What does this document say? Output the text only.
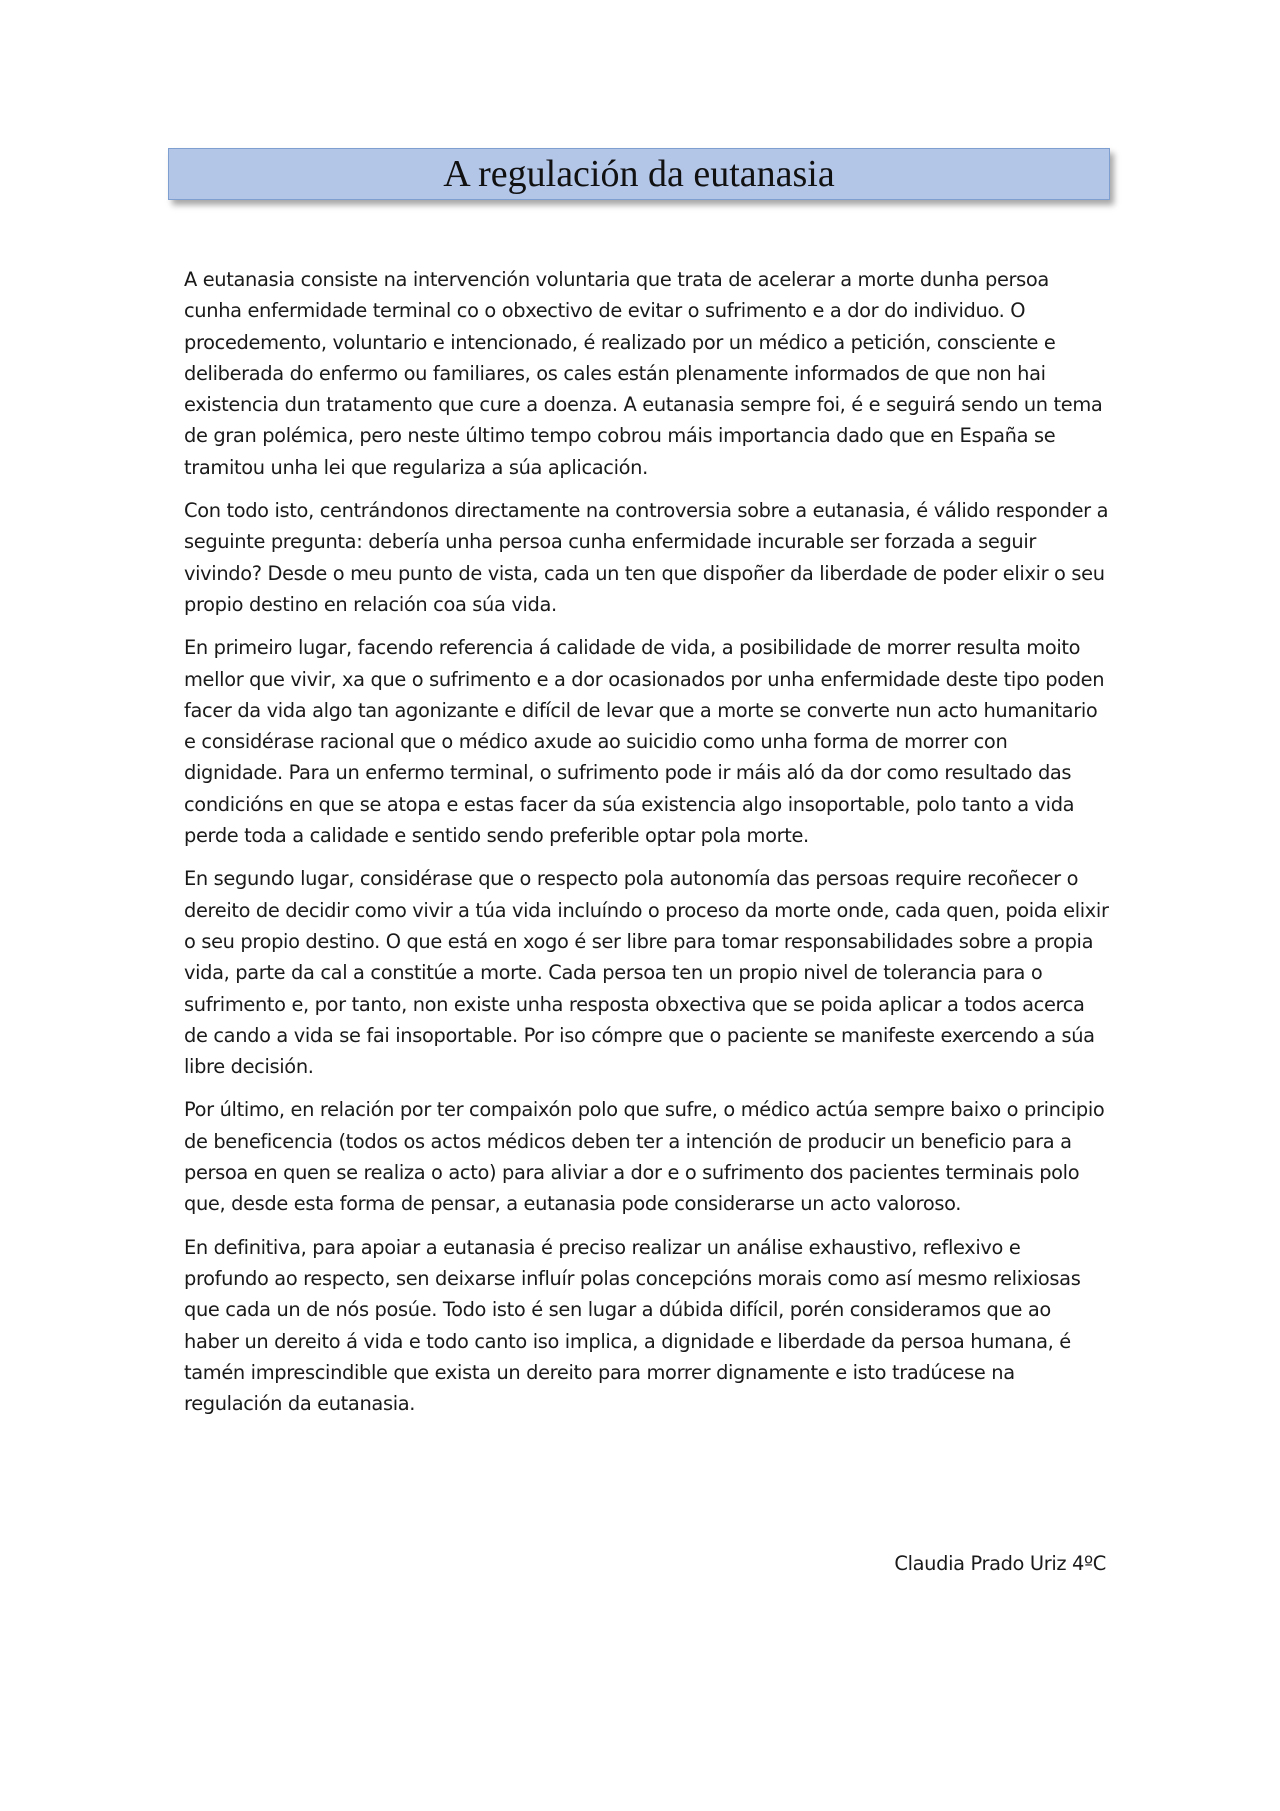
A regulación da eutanasia

A eutanasia consiste na intervención voluntaria que trata de acelerar a morte dunha persoa cunha enfermidade terminal co o obxectivo de evitar o sufrimento e a dor do individuo. O procedemento, voluntario e intencionado, é realizado por un médico a petición, consciente e deliberada do enfermo ou familiares, os cales están plenamente informados de que non hai existencia dun tratamento que cure a doenza. A eutanasia sempre foi, é e seguirá sendo un tema de gran polémica, pero neste último tempo cobrou máis importancia dado que en España se tramitou unha lei que regulariza a súa aplicación.

Con todo isto, centrándonos directamente na controversia sobre a eutanasia, é válido responder a seguinte pregunta: debería unha persoa cunha enfermidade incurable ser forzada a seguir vivindo? Desde o meu punto de vista, cada un ten que dispoñer da liberdade de poder elixir o seu propio destino en relación coa súa vida.

En primeiro lugar, facendo referencia á calidade de vida, a posibilidade de morrer resulta moito mellor que vivir, xa que o sufrimento e a dor ocasionados por unha enfermidade deste tipo poden facer da vida algo tan agonizante e difícil de levar que a morte se converte nun acto humanitario e considérase racional que o médico axude ao suicidio como unha forma de morrer con dignidade. Para un enfermo terminal, o sufrimento pode ir máis aló da dor como resultado das condicións en que se atopa e estas facer da súa existencia algo insoportable, polo tanto a vida perde toda a calidade e sentido sendo preferible optar pola morte.

En segundo lugar, considérase que o respecto pola autonomía das persoas require recoñecer o dereito de decidir como vivir a túa vida incluíndo o proceso da morte onde, cada quen, poida elixir o seu propio destino. O que está en xogo é ser libre para tomar responsabilidades sobre a propia vida, parte da cal a constitúe a morte. Cada persoa ten un propio nivel de tolerancia para o sufrimento e, por tanto, non existe unha resposta obxectiva que se poida aplicar a todos acerca de cando a vida se fai insoportable. Por iso cómpre que o paciente se manifeste exercendo a súa libre decisión.

Por último, en relación por ter compaixón polo que sufre, o médico actúa sempre baixo o principio de beneficencia (todos os actos médicos deben ter a intención de producir un beneficio para a persoa en quen se realiza o acto) para aliviar a dor e o sufrimento dos pacientes terminais polo que, desde esta forma de pensar, a eutanasia pode considerarse un acto valoroso.

En definitiva, para apoiar a eutanasia é preciso realizar un análise exhaustivo, reflexivo e profundo ao respecto, sen deixarse influír polas concepcións morais como así mesmo relixiosas que cada un de nós posúe. Todo isto é sen lugar a dúbida difícil, porén consideramos que ao haber un dereito á vida e todo canto iso implica, a dignidade e liberdade da persoa humana, é tamén imprescindible que exista un dereito para morrer dignamente e isto tradúcese na regulación da eutanasia.

Claudia Prado Uriz 4ºC
